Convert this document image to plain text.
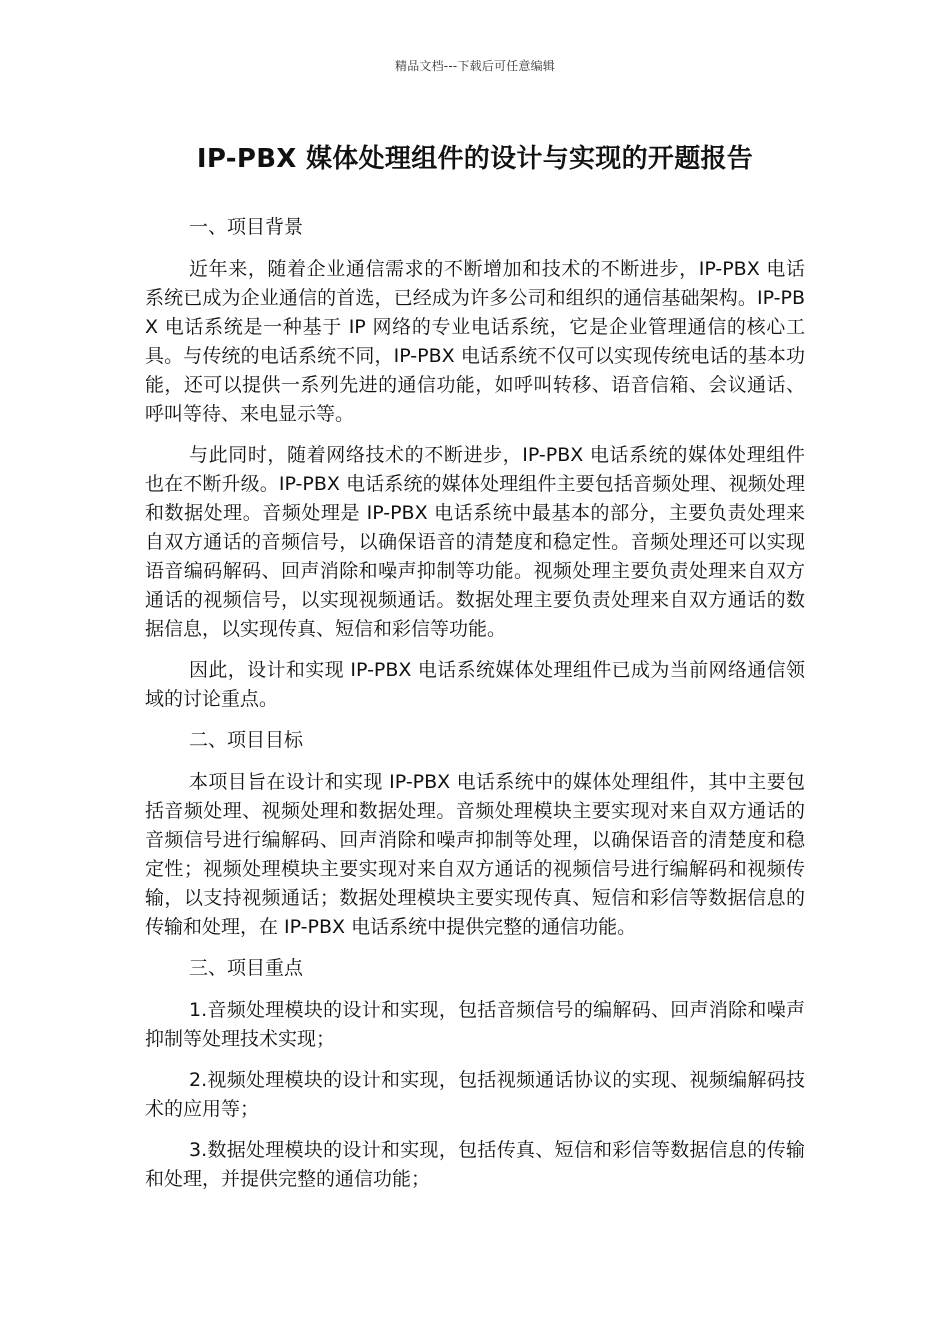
精品文档---下载后可任意编辑
IP-PBX 媒体处理组件的设计与实现的开题报告
一、项目背景

近年来，随着企业通信需求的不断增加和技术的不断进步，IP-PBX 电话系统已成为企业通信的首选，已经成为许多公司和组织的通信基础架构。IP-PBX 电话系统是一种基于 IP 网络的专业电话系统，它是企业管理通信的核心工具。与传统的电话系统不同，IP-PBX 电话系统不仅可以实现传统电话的基本功能，还可以提供一系列先进的通信功能，如呼叫转移、语音信箱、会议通话、呼叫等待、来电显示等。

与此同时，随着网络技术的不断进步，IP-PBX 电话系统的媒体处理组件也在不断升级。IP-PBX 电话系统的媒体处理组件主要包括音频处理、视频处理和数据处理。音频处理是 IP-PBX 电话系统中最基本的部分，主要负责处理来自双方通话的音频信号，以确保语音的清楚度和稳定性。音频处理还可以实现语音编码解码、回声消除和噪声抑制等功能。视频处理主要负责处理来自双方通话的视频信号，以实现视频通话。数据处理主要负责处理来自双方通话的数据信息，以实现传真、短信和彩信等功能。

因此，设计和实现 IP-PBX 电话系统媒体处理组件已成为当前网络通信领域的讨论重点。

二、项目目标

本项目旨在设计和实现 IP-PBX 电话系统中的媒体处理组件，其中主要包括音频处理、视频处理和数据处理。音频处理模块主要实现对来自双方通话的音频信号进行编解码、回声消除和噪声抑制等处理，以确保语音的清楚度和稳定性；视频处理模块主要实现对来自双方通话的视频信号进行编解码和视频传输，以支持视频通话；数据处理模块主要实现传真、短信和彩信等数据信息的传输和处理，在 IP-PBX 电话系统中提供完整的通信功能。

三、项目重点

1.音频处理模块的设计和实现，包括音频信号的编解码、回声消除和噪声抑制等处理技术实现；

2.视频处理模块的设计和实现，包括视频通话协议的实现、视频编解码技术的应用等；

3.数据处理模块的设计和实现，包括传真、短信和彩信等数据信息的传输和处理，并提供完整的通信功能；
